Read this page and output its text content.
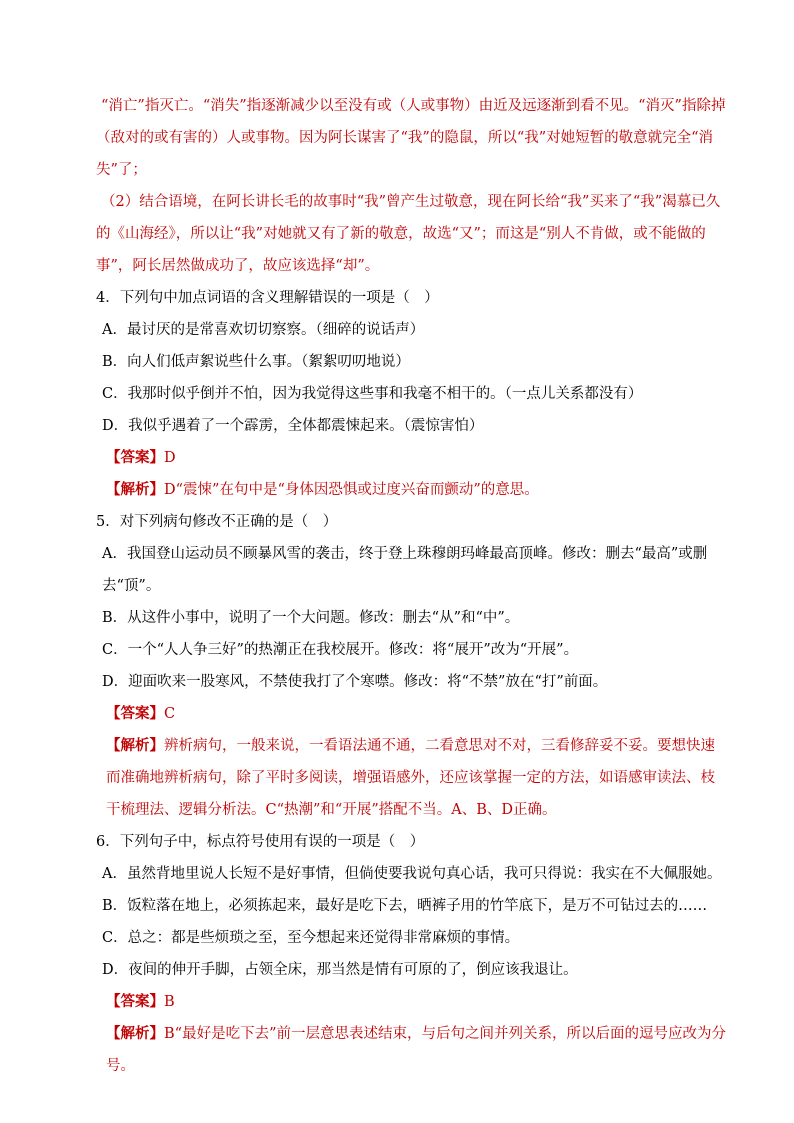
“消亡”指灭亡。“消失”指逐渐减少以至没有或（人或事物）由近及远逐渐到看不见。“消灭”指除掉（敌对的或有害的）人或事物。因为阿长谋害了“我”的隐鼠，所以“我”对她短暂的敬意就完全“消失”了；

（2）结合语境，在阿长讲长毛的故事时“我”曾产生过敬意，现在阿长给“我”买来了“我”渴慕已久的《山海经》，所以让“我”对她就又有了新的敬意，故选“又”；而这是“别人不肯做，或不能做的事”，阿长居然做成功了，故应该选择“却”。

4．下列句中加点词语的含义理解错误的一项是（　）

A．最讨厌的是常喜欢切切察察。（细碎的说话声）

B．向人们低声絮说些什么事。（絮絮叨叨地说）

C．我那时似乎倒并不怕，因为我觉得这些事和我毫不相干的。（一点儿关系都没有）

D．我似乎遇着了一个霹雳，全体都震悚起来。（震惊害怕）

【答案】D

【解析】D“震悚”在句中是“身体因恐惧或过度兴奋而颤动”的意思。

5．对下列病句修改不正确的是（　）

A．我国登山运动员不顾暴风雪的袭击，终于登上珠穆朗玛峰最高顶峰。修改：删去“最高”或删去“顶”。

B．从这件小事中，说明了一个大问题。修改：删去“从”和“中”。

C．一个“人人争三好”的热潮正在我校展开。修改：将“展开”改为“开展”。

D．迎面吹来一股寒风，不禁使我打了个寒噤。修改：将“不禁”放在“打”前面。

【答案】C

【解析】辨析病句，一般来说，一看语法通不通，二看意思对不对，三看修辞妥不妥。要想快速而准确地辨析病句，除了平时多阅读，增强语感外，还应该掌握一定的方法，如语感审读法、枝干梳理法、逻辑分析法。C“热潮”和“开展”搭配不当。A、B、D正确。

6．下列句子中，标点符号使用有误的一项是（　）

A．虽然背地里说人长短不是好事情，但倘使要我说句真心话，我可只得说：我实在不大佩服她。

B．饭粒落在地上，必须拣起来，最好是吃下去，晒裤子用的竹竿底下，是万不可钻过去的……

C．总之：都是些烦琐之至，至今想起来还觉得非常麻烦的事情。

D．夜间的伸开手脚，占领全床，那当然是情有可原的了，倒应该我退让。

【答案】B

【解析】B“最好是吃下去”前一层意思表述结束，与后句之间并列关系，所以后面的逗号应改为分号。
